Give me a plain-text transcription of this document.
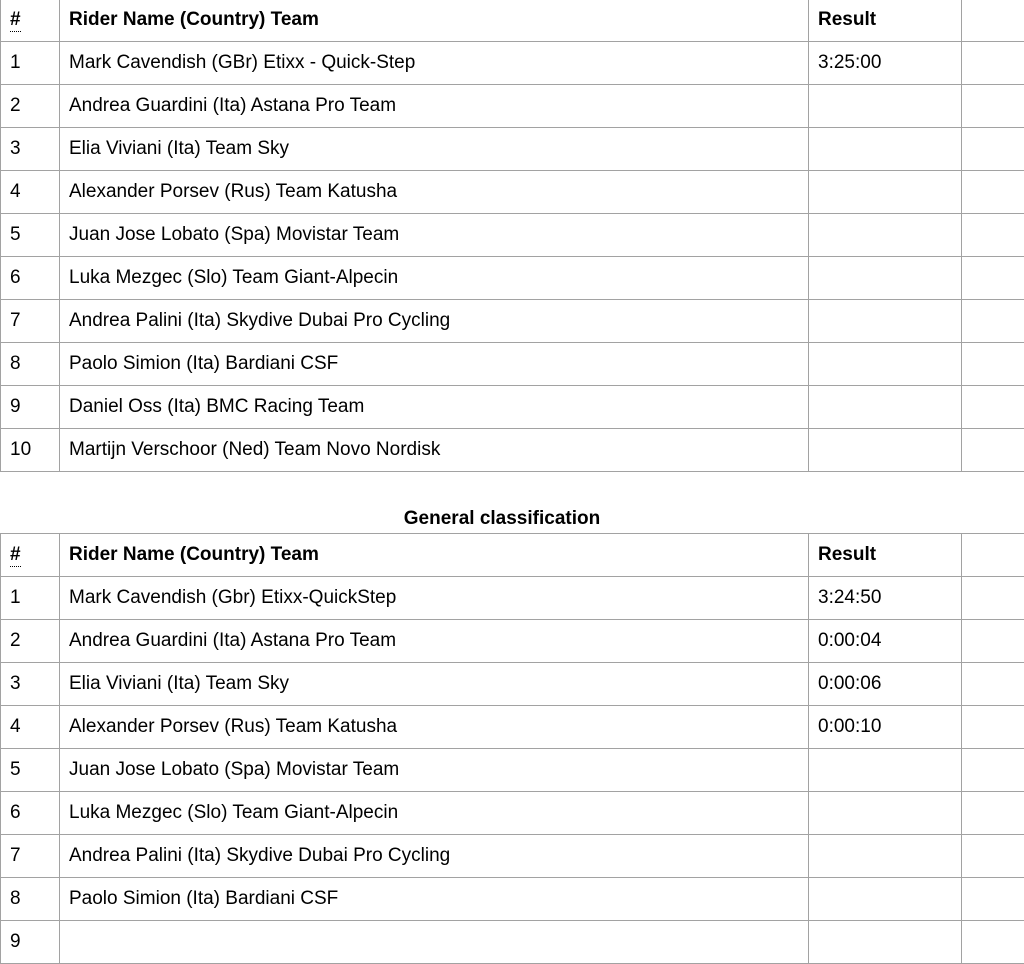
#	Rider Name (Country) Team	Result	
1	Mark Cavendish (GBr) Etixx - Quick-Step	3:25:00	
2	Andrea Guardini (Ita) Astana Pro Team		
3	Elia Viviani (Ita) Team Sky		
4	Alexander Porsev (Rus) Team Katusha		
5	Juan Jose Lobato (Spa) Movistar Team		
6	Luka Mezgec (Slo) Team Giant-Alpecin		
7	Andrea Palini (Ita) Skydive Dubai Pro Cycling		
8	Paolo Simion (Ita) Bardiani CSF		
9	Daniel Oss (Ita) BMC Racing Team		
10	Martijn Verschoor (Ned) Team Novo Nordisk		
General classification
#	Rider Name (Country) Team	Result	
1	Mark Cavendish (Gbr) Etixx-QuickStep	3:24:50	
2	Andrea Guardini (Ita) Astana Pro Team	0:00:04	
3	Elia Viviani (Ita) Team Sky	0:00:06	
4	Alexander Porsev (Rus) Team Katusha	0:00:10	
5	Juan Jose Lobato (Spa) Movistar Team		
6	Luka Mezgec (Slo) Team Giant-Alpecin		
7	Andrea Palini (Ita) Skydive Dubai Pro Cycling		
8	Paolo Simion (Ita) Bardiani CSF		
9			
